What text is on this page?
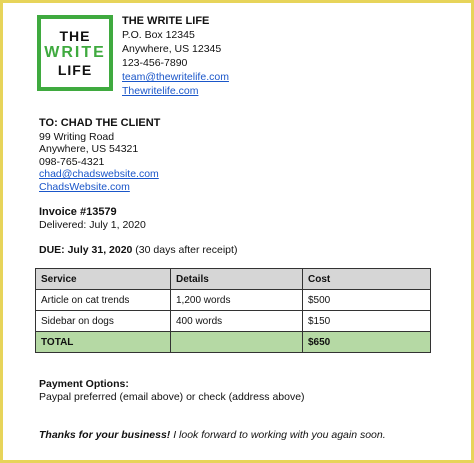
THE
WRITE
LIFE
THE WRITE LIFE
P.O. Box 12345
Anywhere, US 12345
123-456-7890
team@thewritelife.com
Thewritelife.com
TO: CHAD THE CLIENT
99 Writing Road
Anywhere, US 54321
098-765-4321
chad@chadswebsite.com
ChadsWebsite.com
Invoice #13579
Delivered: July 1, 2020
DUE: July 31, 2020 (30 days after receipt)
Service	Details	Cost
Article on cat trends	1,200 words	$500
Sidebar on dogs	400 words	$150
TOTAL		$650
Payment Options:
Paypal preferred (email above) or check (address above)
Thanks for your business! I look forward to working with you again soon.
